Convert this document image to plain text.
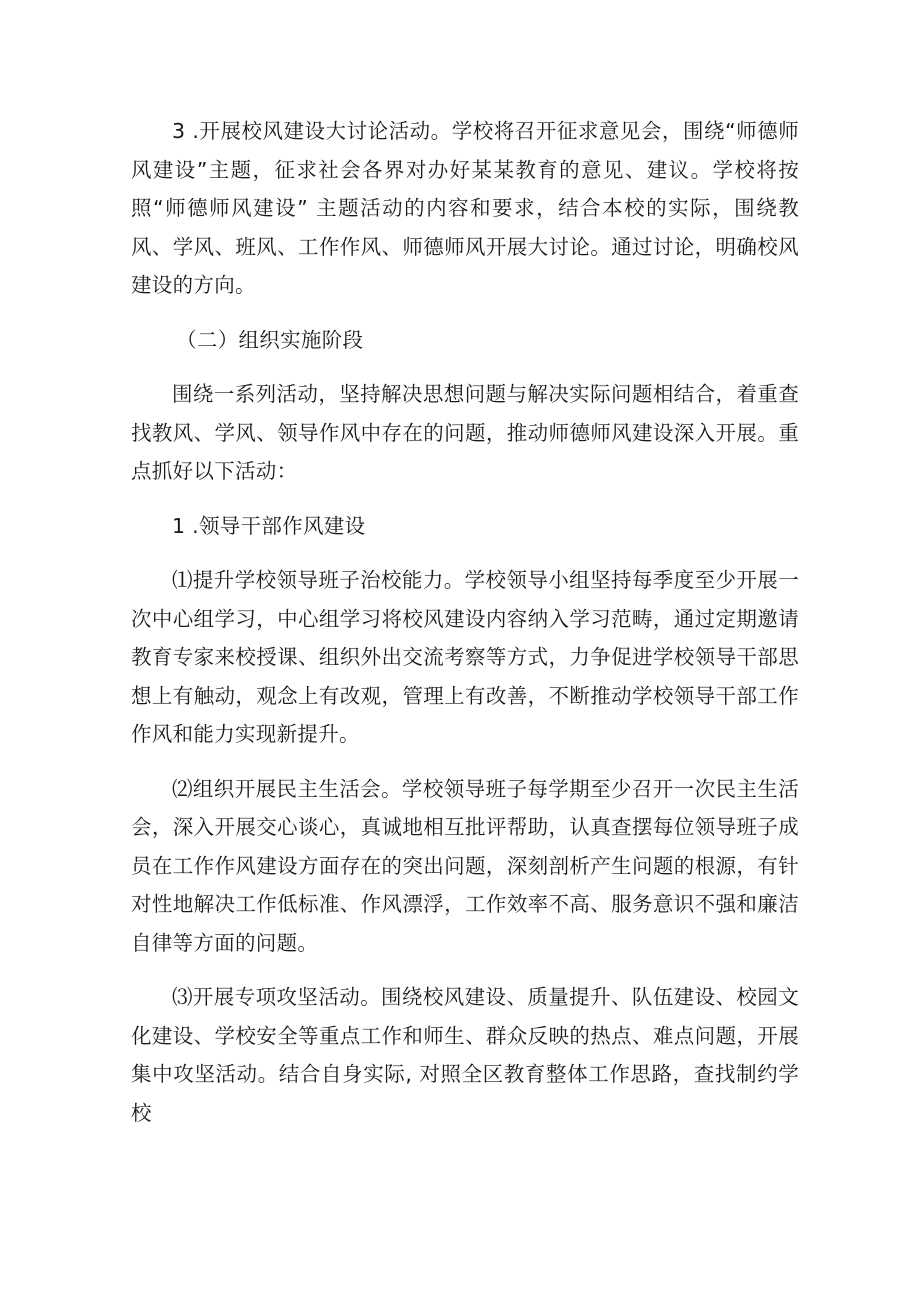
3 .开展校风建设大讨论活动。学校将召开征求意见会，围绕“师德师风建设”主题，征求社会各界对办好某某教育的意见、建议。学校将按照“师德师风建设” 主题活动的内容和要求，结合本校的实际，围绕教风、学风、班风、工作作风、师德师风开展大讨论。通过讨论，明确校风建设的方向。

（二）组织实施阶段

围绕一系列活动，坚持解决思想问题与解决实际问题相结合，着重查找教风、学风、领导作风中存在的问题，推动师德师风建设深入开展。重点抓好以下活动：

1 .领导干部作风建设

⑴提升学校领导班子治校能力。学校领导小组坚持每季度至少开展一次中心组学习，中心组学习将校风建设内容纳入学习范畴，通过定期邀请教育专家来校授课、组织外出交流考察等方式，力争促进学校领导干部思想上有触动，观念上有改观，管理上有改善，不断推动学校领导干部工作作风和能力实现新提升。

⑵组织开展民主生活会。学校领导班子每学期至少召开一次民主生活会，深入开展交心谈心，真诚地相互批评帮助，认真查摆每位领导班子成员在工作作风建设方面存在的突出问题，深刻剖析产生问题的根源，有针对性地解决工作低标准、作风漂浮，工作效率不高、服务意识不强和廉洁自律等方面的问题。

⑶开展专项攻坚活动。围绕校风建设、质量提升、队伍建设、校园文化建设、学校安全等重点工作和师生、群众反映的热点、难点问题，开展集中攻坚活动。结合自身实际, 对照全区教育整体工作思路，查找制约学校
